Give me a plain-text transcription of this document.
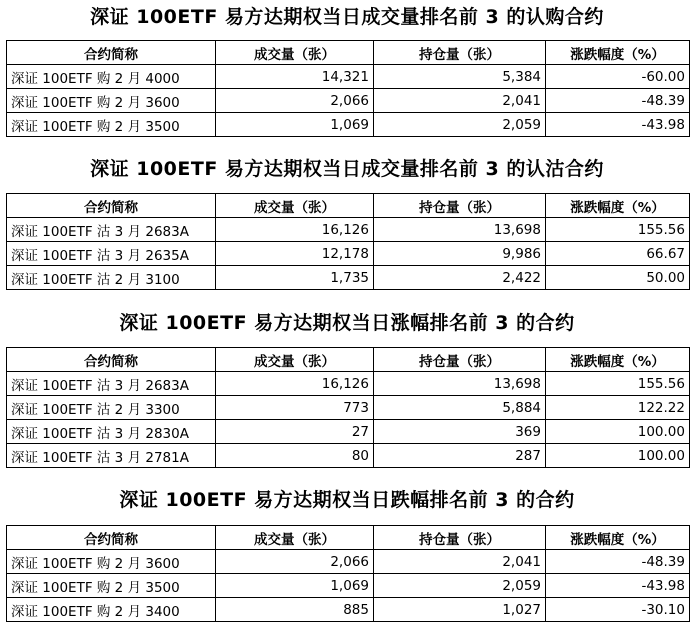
深证 100ETF 易方达期权当日成交量排名前 3 的认购合约
合约简称	成交量（张）	持仓量（张）	涨跌幅度（%）
深证 100ETF 购 2 月 4000	14,321	5,384	-60.00
深证 100ETF 购 2 月 3600	2,066	2,041	-48.39
深证 100ETF 购 2 月 3500	1,069	2,059	-43.98
深证 100ETF 易方达期权当日成交量排名前 3 的认沽合约
合约简称	成交量（张）	持仓量（张）	涨跌幅度（%）
深证 100ETF 沽 3 月 2683A	16,126	13,698	155.56
深证 100ETF 沽 3 月 2635A	12,178	9,986	66.67
深证 100ETF 沽 2 月 3100	1,735	2,422	50.00
深证 100ETF 易方达期权当日涨幅排名前 3 的合约
合约简称	成交量（张）	持仓量（张）	涨跌幅度（%）
深证 100ETF 沽 3 月 2683A	16,126	13,698	155.56
深证 100ETF 沽 2 月 3300	773	5,884	122.22
深证 100ETF 沽 3 月 2830A	27	369	100.00
深证 100ETF 沽 3 月 2781A	80	287	100.00
深证 100ETF 易方达期权当日跌幅排名前 3 的合约
合约简称	成交量（张）	持仓量（张）	涨跌幅度（%）
深证 100ETF 购 2 月 3600	2,066	2,041	-48.39
深证 100ETF 购 2 月 3500	1,069	2,059	-43.98
深证 100ETF 购 2 月 3400	885	1,027	-30.10
